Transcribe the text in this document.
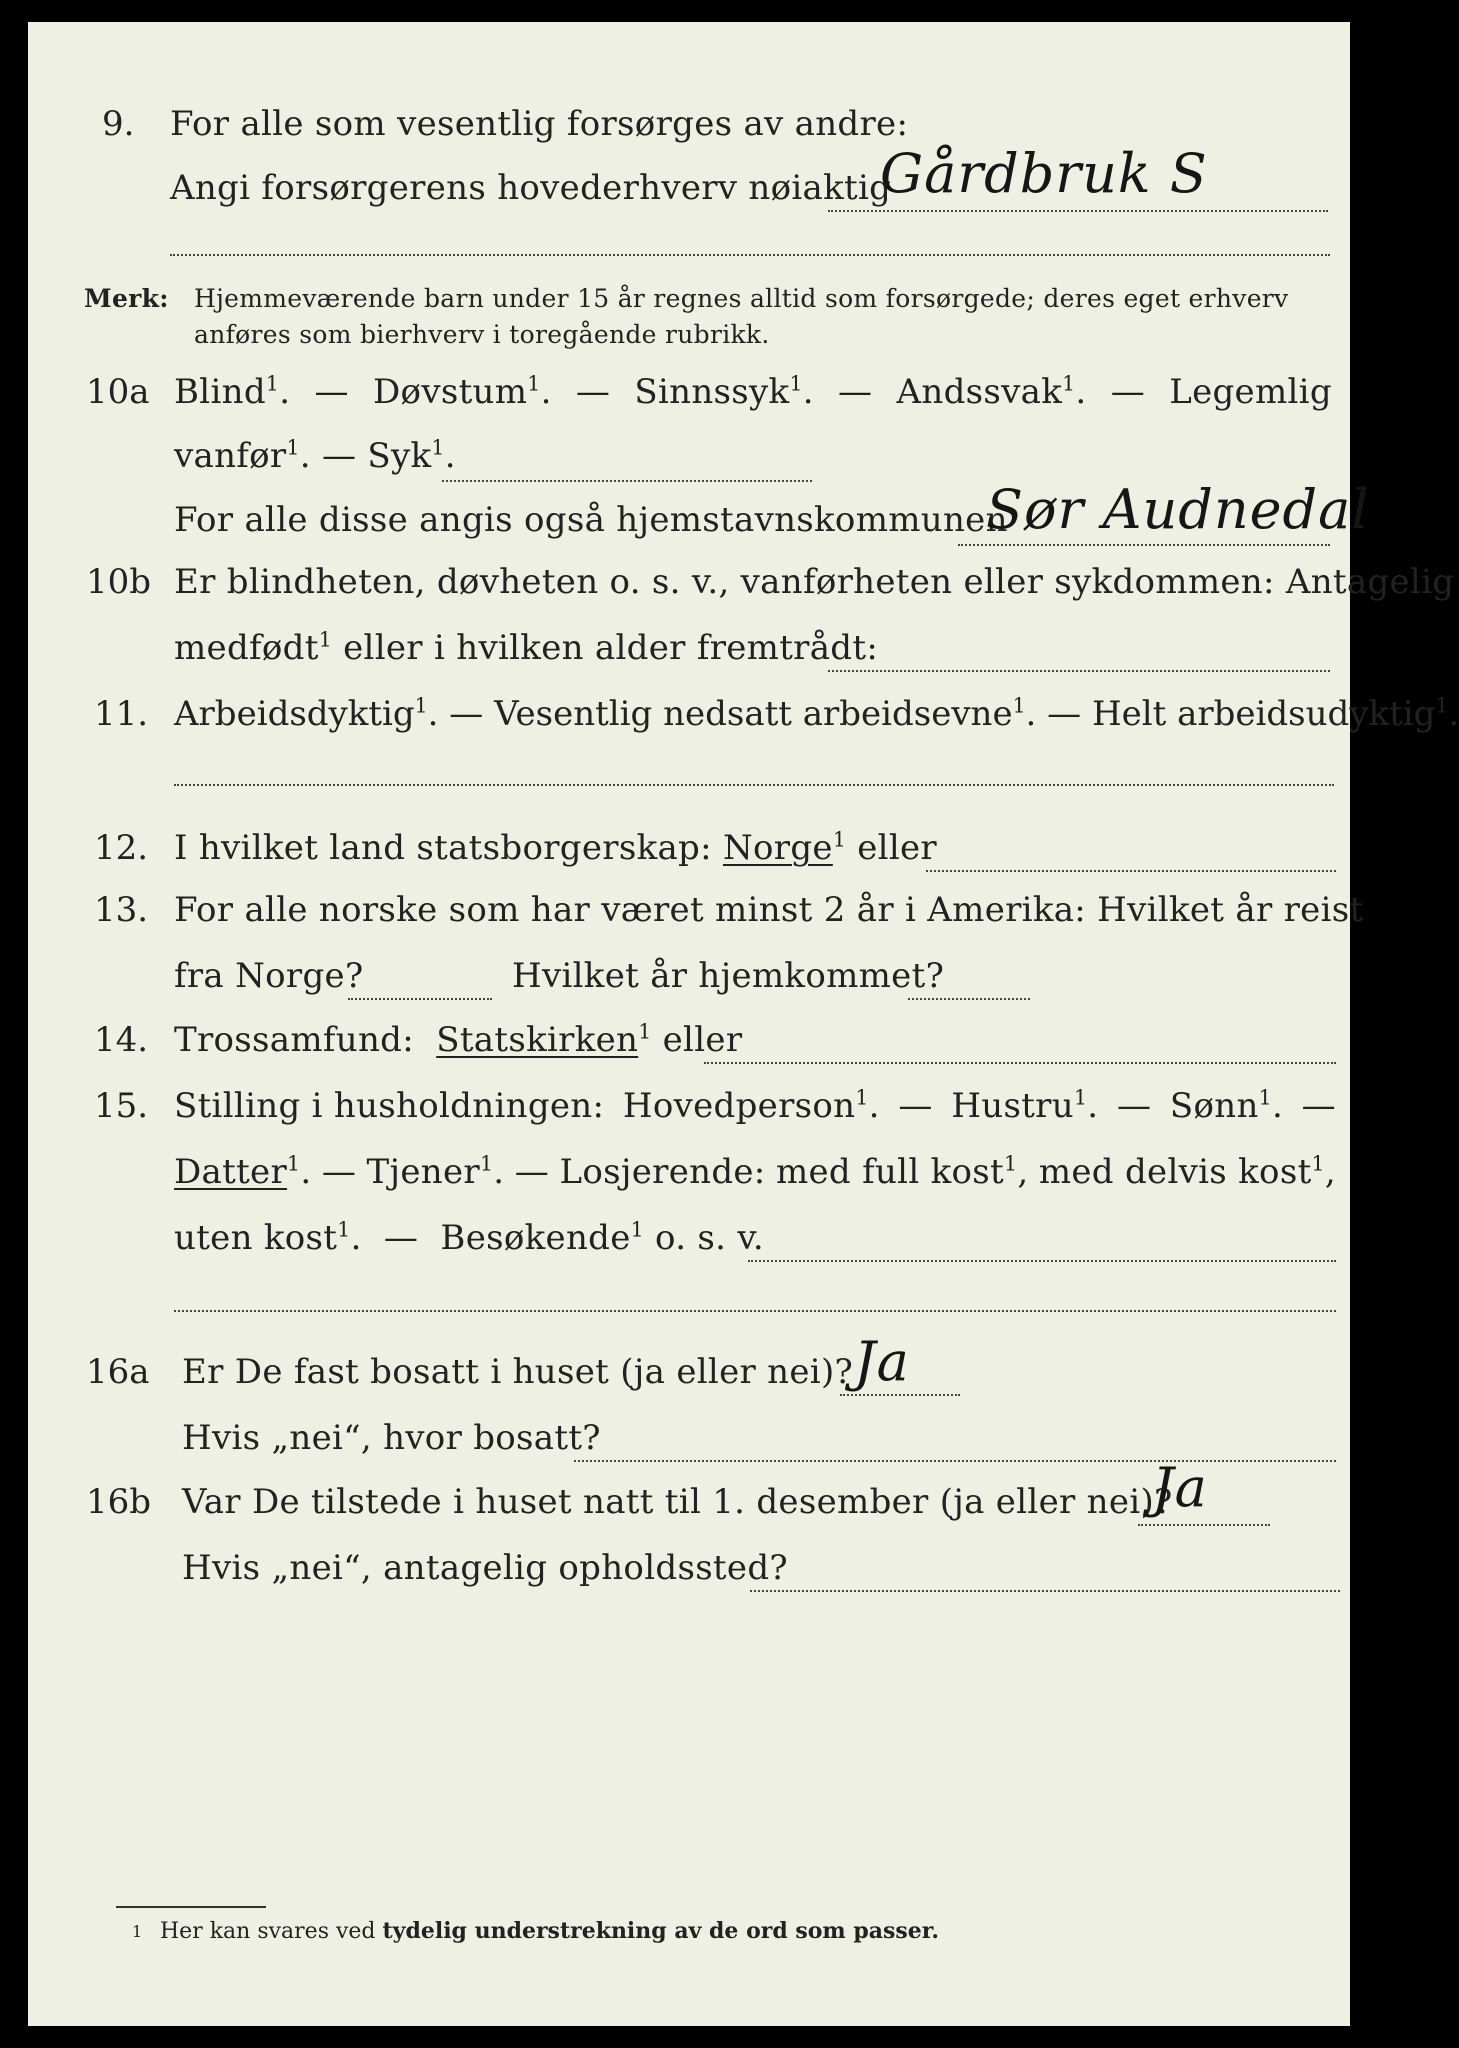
9. For alle som vesentlig forsørges av andre:
Angi forsørgerens hovederhverv nøiaktig
Gårdbruk S
Merk: Hjemmeværende barn under 15 år regnes alltid som forsørgede; deres eget erhverv
anføres som bierhverv i toregående rubrikk.
10a Blind$^1$. — Døvstum$^1$. — Sinnssyk$^1$. — Andssvak$^1$. — Legemlig
vanfør$^1$. — Syk$^1$.
For alle disse angis også hjemstavnskommunen
Sør Audnedal
10b Er blindheten, døvheten o. s. v., vanførheten eller sykdommen: Antagelig
medfødt$^1$ eller i hvilken alder fremtrådt:
11. Arbeidsdyktig$^1$. — Vesentlig nedsatt arbeidsevne$^1$. — Helt arbeidsudyktig$^1$.
12. I hvilket land statsborgerskap: Norge$^1$ eller
13. For alle norske som har været minst 2 år i Amerika: Hvilket år reist
fra Norge?	Hvilket år hjemkommet?
14. Trossamfund: Statskirken$^1$ eller
15. Stilling i husholdningen: Hovedperson$^1$. — Hustru$^1$. — Sønn$^1$. —
Datter$^1$. — Tjener$^1$. — Losjerende: med full kost$^1$, med delvis kost$^1$,
uten kost$^1$. — Besøkende$^1$ o. s. v.
16a Er De fast bosatt i huset (ja eller nei)? Ja
Hvis „nei“, hvor bosatt?
16b Var De tilstede i huset natt til 1. desember (ja eller nei)?
Ja
Hvis „nei“, antagelig opholdssted?
1 Her kan svares ved tydelig understrekning av de ord som passer.
